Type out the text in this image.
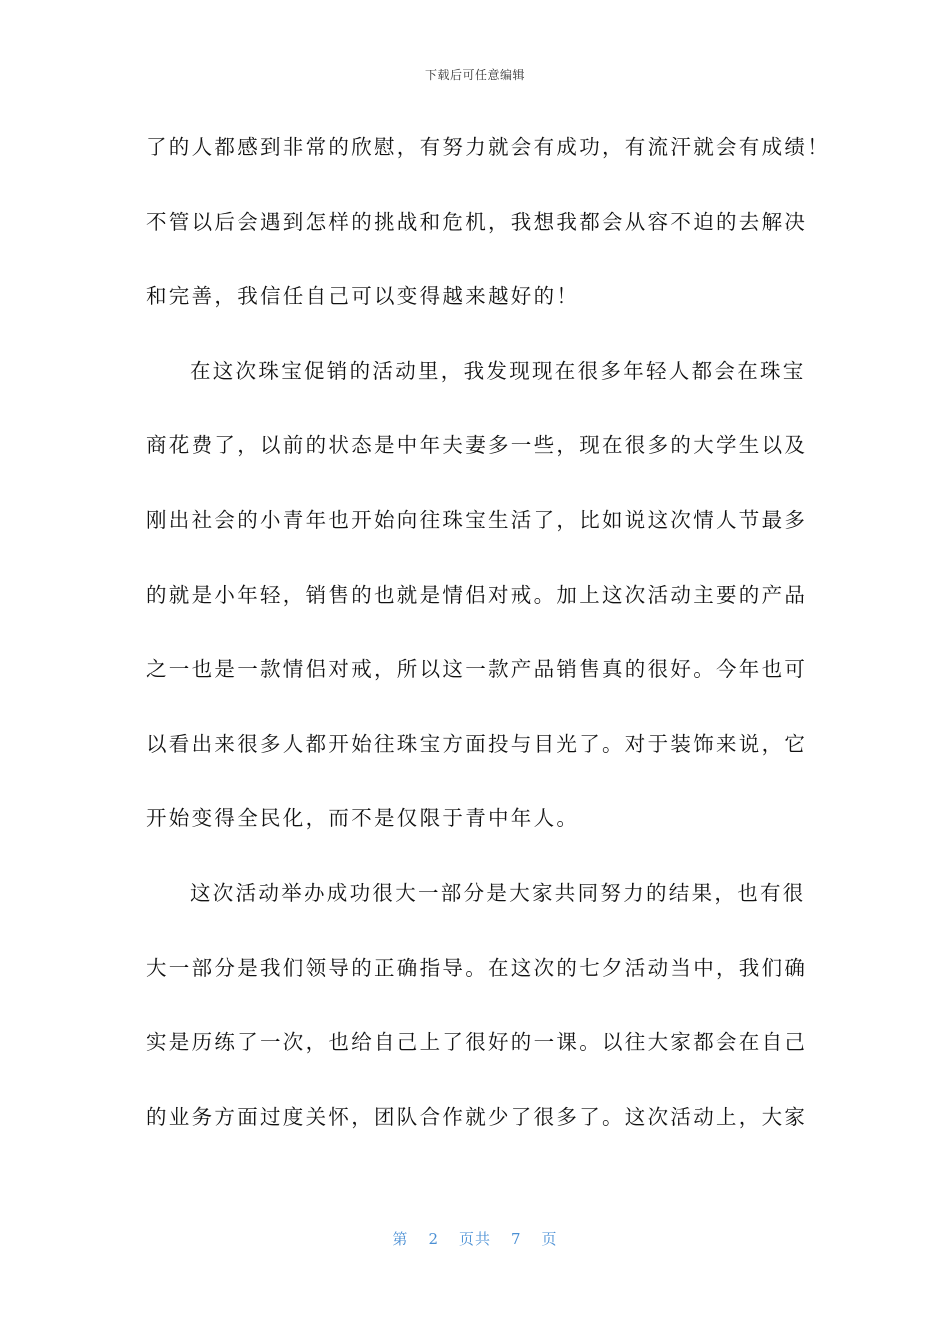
下载后可任意编辑
了的人都感到非常的欣慰，有努力就会有成功，有流汗就会有成绩！
不管以后会遇到怎样的挑战和危机，我想我都会从容不迫的去解决
和完善，我信任自己可以变得越来越好的！
在这次珠宝促销的活动里，我发现现在很多年轻人都会在珠宝
商花费了，以前的状态是中年夫妻多一些，现在很多的大学生以及
刚出社会的小青年也开始向往珠宝生活了，比如说这次情人节最多
的就是小年轻，销售的也就是情侣对戒。加上这次活动主要的产品
之一也是一款情侣对戒，所以这一款产品销售真的很好。今年也可
以看出来很多人都开始往珠宝方面投与目光了。对于装饰来说，它
开始变得全民化，而不是仅限于青中年人。
这次活动举办成功很大一部分是大家共同努力的结果，也有很
大一部分是我们领导的正确指导。在这次的七夕活动当中，我们确
实是历练了一次，也给自己上了很好的一课。以往大家都会在自己
的业务方面过度关怀，团队合作就少了很多了。这次活动上，大家
第 2 页共 7 页
